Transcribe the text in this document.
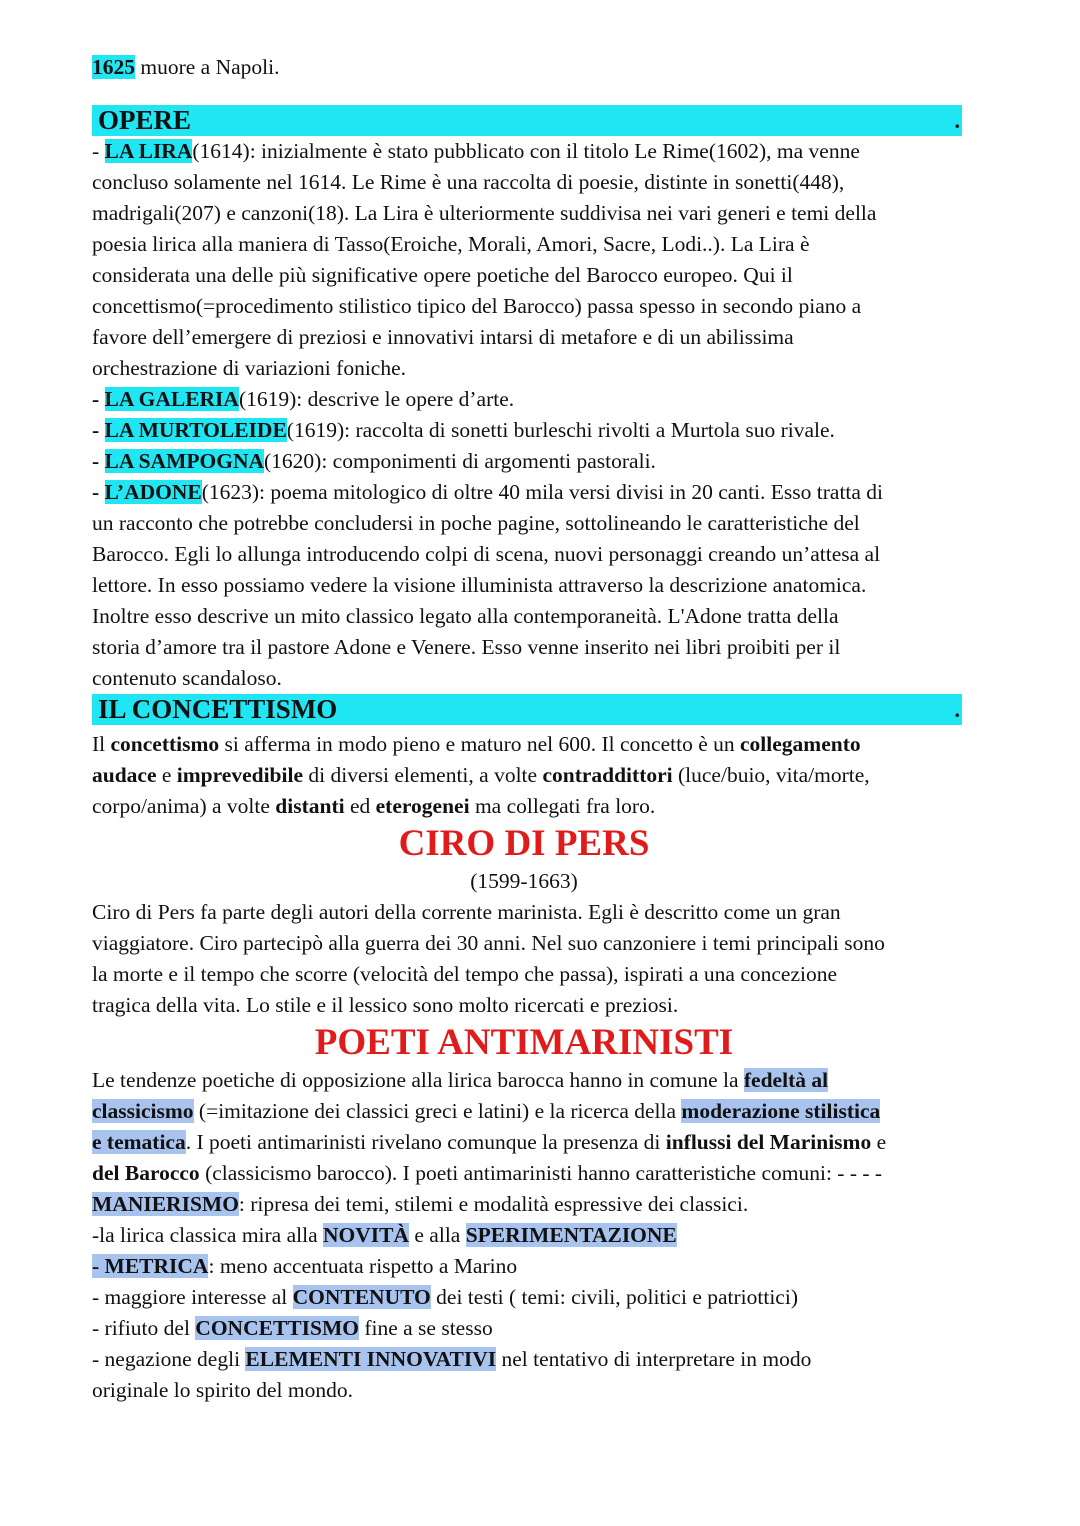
1625 muore a Napoli.

OPERE	.

- LA LIRA(1614): inizialmente è stato pubblicato con il titolo Le Rime(1602), ma venne

concluso solamente nel 1614. Le Rime è una raccolta di poesie, distinte in sonetti(448),

madrigali(207) e canzoni(18). La Lira è ulteriormente suddivisa nei vari generi e temi della

poesia lirica alla maniera di Tasso(Eroiche, Morali, Amori, Sacre, Lodi..). La Lira è

considerata una delle più significative opere poetiche del Barocco europeo. Qui il

concettismo(=procedimento stilistico tipico del Barocco) passa spesso in secondo piano a

favore dell’emergere di preziosi e innovativi intarsi di metafore e di un abilissima

orchestrazione di variazioni foniche.

- LA GALERIA(1619): descrive le opere d’arte.

- LA MURTOLEIDE(1619): raccolta di sonetti burleschi rivolti a Murtola suo rivale.

- LA SAMPOGNA(1620): componimenti di argomenti pastorali.

- L’ADONE(1623): poema mitologico di oltre 40 mila versi divisi in 20 canti. Esso tratta di

un racconto che potrebbe concludersi in poche pagine, sottolineando le caratteristiche del

Barocco. Egli lo allunga introducendo colpi di scena, nuovi personaggi creando un’attesa al

lettore. In esso possiamo vedere la visione illuminista attraverso la descrizione anatomica.

Inoltre esso descrive un mito classico legato alla contemporaneità. L'Adone tratta della

storia d’amore tra il pastore Adone e Venere. Esso venne inserito nei libri proibiti per il

contenuto scandaloso.

IL CONCETTISMO	.

Il concettismo si afferma in modo pieno e maturo nel 600. Il concetto è un collegamento

audace e imprevedibile di diversi elementi, a volte contraddittori (luce/buio, vita/morte,

corpo/anima) a volte distanti ed eterogenei ma collegati fra loro.

CIRO DI PERS
(1599-1663)

Ciro di Pers fa parte degli autori della corrente marinista. Egli è descritto come un gran

viaggiatore. Ciro partecipò alla guerra dei 30 anni. Nel suo canzoniere i temi principali sono

la morte e il tempo che scorre (velocità del tempo che passa), ispirati a una concezione

tragica della vita. Lo stile e il lessico sono molto ricercati e preziosi.

POETI ANTIMARINISTI

Le tendenze poetiche di opposizione alla lirica barocca hanno in comune la fedeltà al

classicismo (=imitazione dei classici greci e latini) e la ricerca della moderazione stilistica

e tematica. I poeti antimarinisti rivelano comunque la presenza di influssi del Marinismo e

del Barocco (classicismo barocco). I poeti antimarinisti hanno caratteristiche comuni: - - - -

MANIERISMO: ripresa dei temi, stilemi e modalità espressive dei classici.

-la lirica classica mira alla NOVITÀ e alla SPERIMENTAZIONE

- METRICA: meno accentuata rispetto a Marino

- maggiore interesse al CONTENUTO dei testi ( temi: civili, politici e patriottici)

- rifiuto del CONCETTISMO fine a se stesso

- negazione degli ELEMENTI INNOVATIVI nel tentativo di interpretare in modo

originale lo spirito del mondo.
